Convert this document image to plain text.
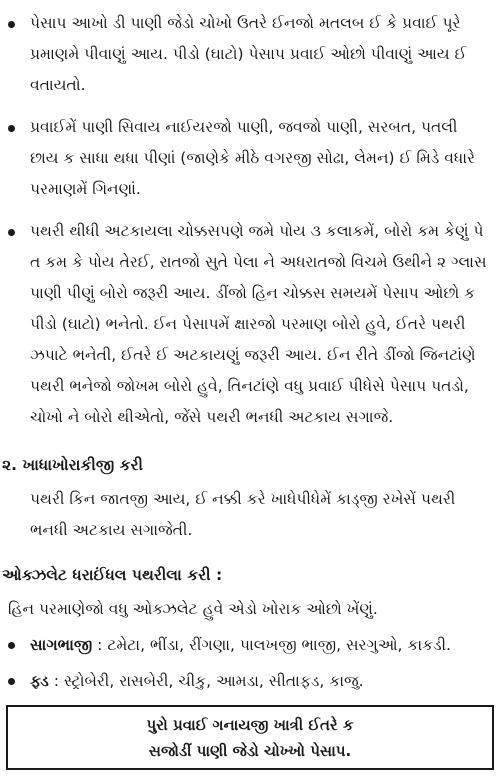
પેસાપ આખો ડી પાણી જેડો ચોખો ઉતરે ઈનજો મતલબ ઈ કે પ્રવાઈ પૂરે
પ્રમાણમે પીવાણું આય. પીડો (ઘાટો) પેસાપ પ્રવાઈ ઓછો પીવાણું આય ઈ
વતાયતો.
પ્રવાઈમેં પાણી સિવાય નાઈયરજો પાણી, જવજો પાણી, સરબત, પતલી
છાય ક સાધા થધા પીણાં (જાણેકે મીઠે વગરજી સોઢા, લેમન) ઈ મિડે વધારે
પરમાણમેં ગિનણાં.
પથરી થીધી અટકાયલા ચોક્કસપણે જમે પોય ૩ કલાકમેં, બોરો કમ કેણું પે
ત કમ કે પોય તેરઈ, રાતજો સુતે પેલા ને અધરાતજો વિચમે ઉથીને ૨ ગ્લાસ
પાણી પીણું બોરો જરૂરી આય. ડીંજો હિન ચોક્કસ સમયમેં પેસાપ ઓછો ક
પીડો (ઘાટો) ભનેતો. ઈન પેસાપમેં ક્ષારજો પરમાણ બોરો હુવે, ઈતરે પથરી
ઝપાટે ભનેતી, ઈતરે ઈ અટકાયણું જરૂરી આય. ઈન રીતે ડીંજો જિનટાંણે
પથરી ભનેજો જોખમ બોરો હુવે, તિનટાંણે વધુ પ્રવાઈ પીધેસે પેસાપ પતડો,
ચોખો ને બોરો થીએતો, જેંસે પથરી ભનધી અટકાય સગાજે.
૨. ખાધાખોરાકીજી કરી
પથરી કિન જાતજી આય, ઈ નક્કી કરે ખાધેપીધેમેં કાડ્જી રખેસેં પથરી
ભનધી અટકાય સગાજેતી.
ઓક્ઝલેટ ધરાઈંધલ પથરીલા કરી :
હિન પરમાણેજો વધુ ઓક્ઝલેટ હુવે એડો ખોરાક ઓછો ખેંણું.
સાગભાજી : ટમેટા, ભીંડા, રીંગણા, પાલખજી ભાજી, સરગુઓ, કાકડી.
ફ્ડ : સ્ટ્રોબેરી, રાસબેરી, ચીકુ, આમડા, સીતાફડ, કાજુ.
પુરો પ્રવાઈ ગનાયજી ખાત્રી ઈતરે ક
સજોડીં પાણી જેડો ચોખ્ખો પેસાપ.
